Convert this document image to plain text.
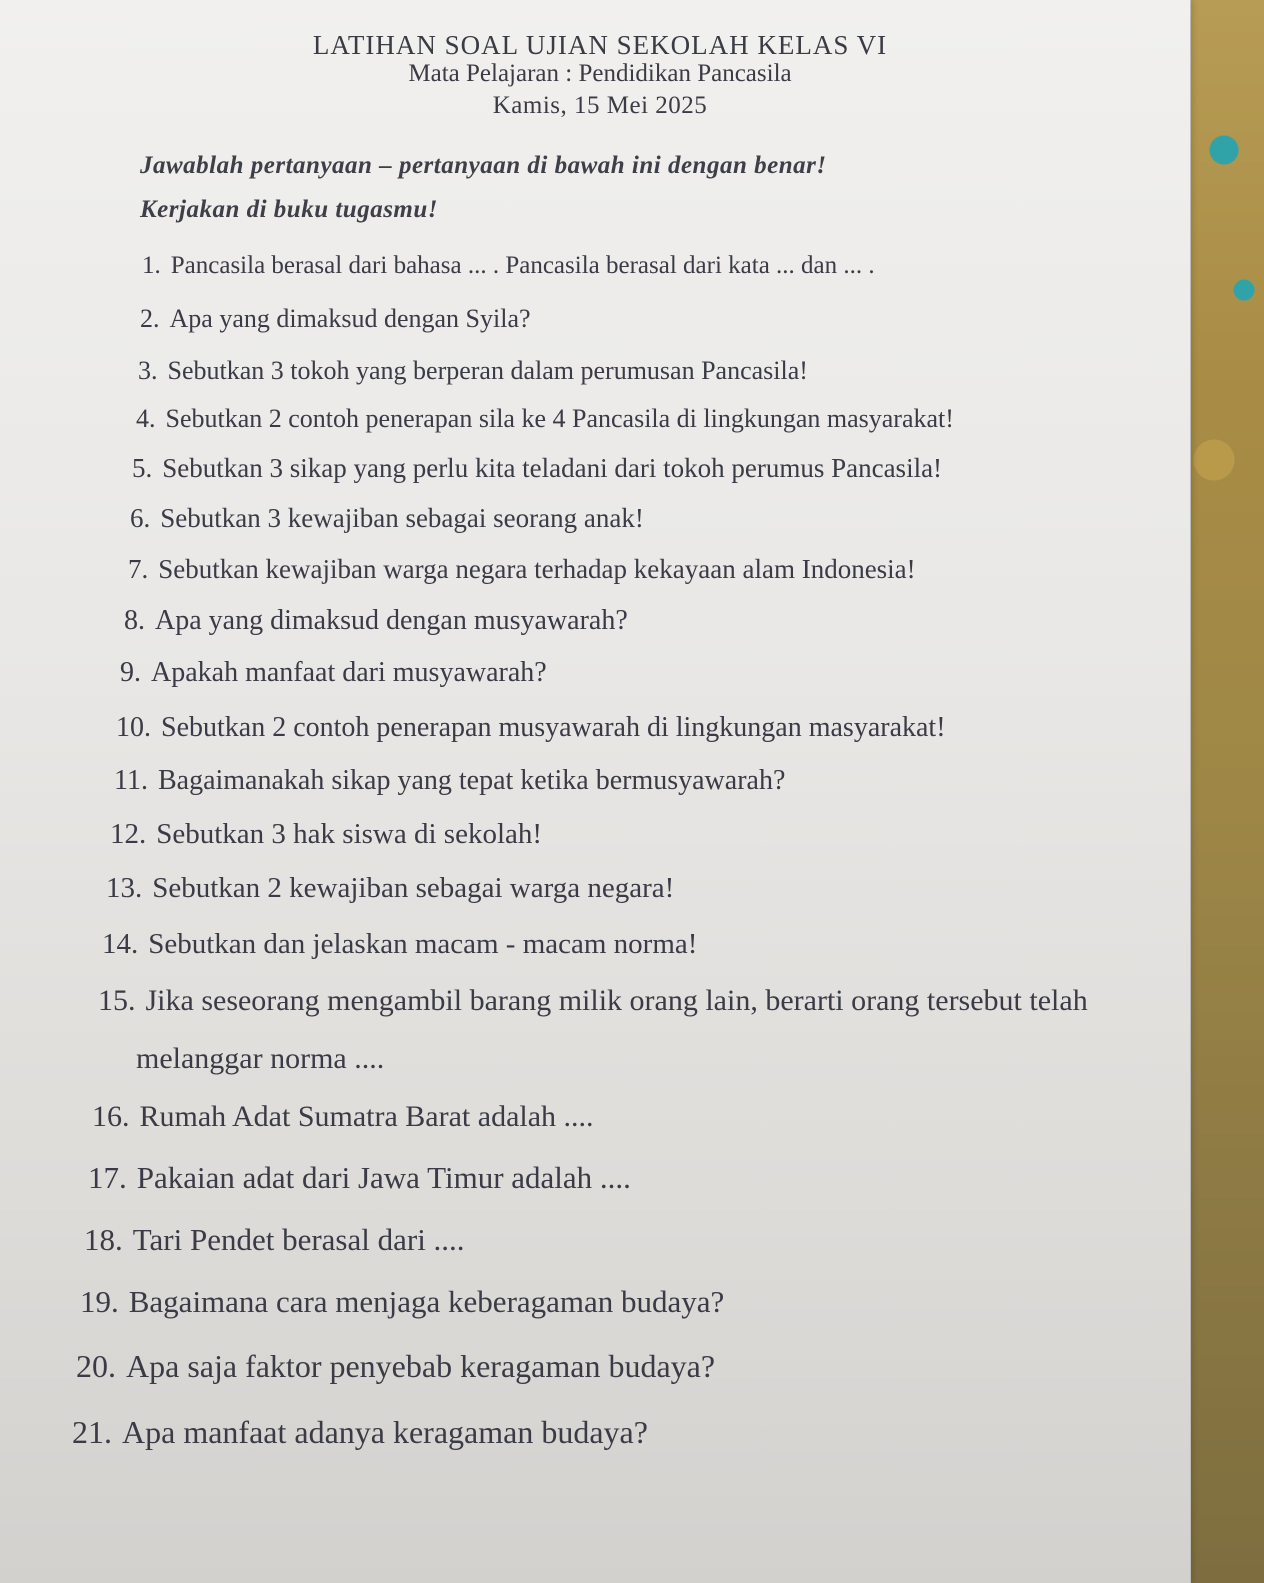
LATIHAN SOAL UJIAN SEKOLAH KELAS VI
Mata Pelajaran : Pendidikan Pancasila
Kamis, 15 Mei 2025
Jawablah pertanyaan – pertanyaan di bawah ini dengan benar!
Kerjakan di buku tugasmu!
1. Pancasila berasal dari bahasa ... . Pancasila berasal dari kata ... dan ... .
2. Apa yang dimaksud dengan Syila?
3. Sebutkan 3 tokoh yang berperan dalam perumusan Pancasila!
4. Sebutkan 2 contoh penerapan sila ke 4 Pancasila di lingkungan masyarakat!
5. Sebutkan 3 sikap yang perlu kita teladani dari tokoh perumus Pancasila!
6. Sebutkan 3 kewajiban sebagai seorang anak!
7. Sebutkan kewajiban warga negara terhadap kekayaan alam Indonesia!
8. Apa yang dimaksud dengan musyawarah?
9. Apakah manfaat dari musyawarah?
10. Sebutkan 2 contoh penerapan musyawarah di lingkungan masyarakat!
11. Bagaimanakah sikap yang tepat ketika bermusyawarah?
12. Sebutkan 3 hak siswa di sekolah!
13. Sebutkan 2 kewajiban sebagai warga negara!
14. Sebutkan dan jelaskan macam - macam norma!
15. Jika seseorang mengambil barang milik orang lain, berarti orang tersebut telah
melanggar norma ....
16. Rumah Adat Sumatra Barat adalah ....
17. Pakaian adat dari Jawa Timur adalah ....
18. Tari Pendet berasal dari ....
19. Bagaimana cara menjaga keberagaman budaya?
20. Apa saja faktor penyebab keragaman budaya?
21. Apa manfaat adanya keragaman budaya?
